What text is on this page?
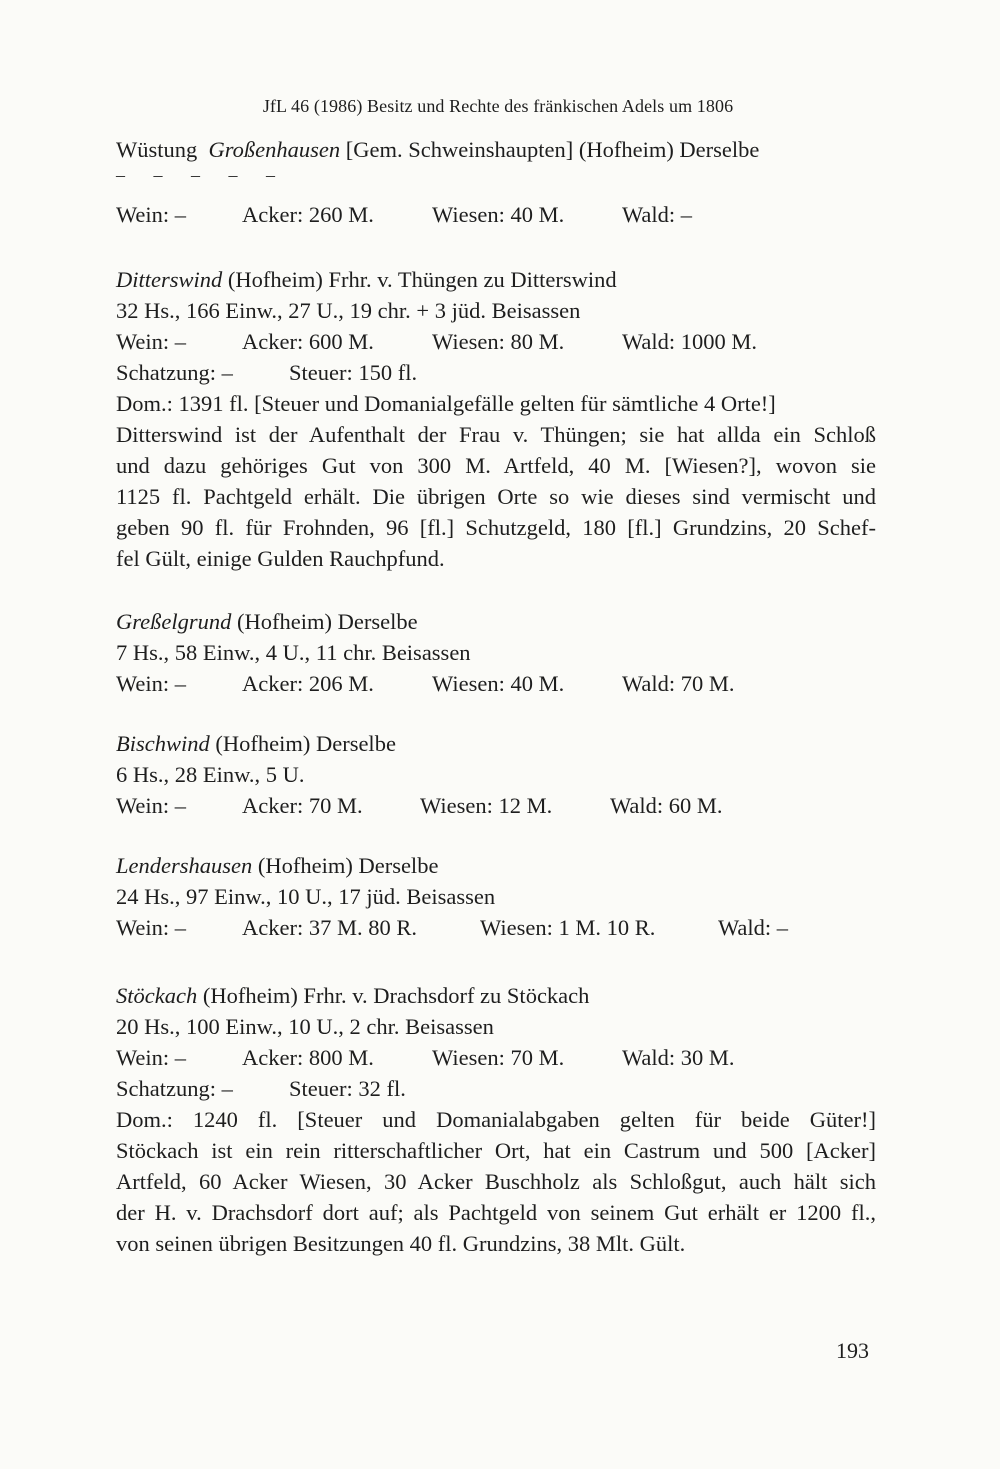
JfL 46 (1986) Besitz und Rechte des fränkischen Adels um 1806
Wüstung Großenhausen [Gem. Schweinshaupten] (Hofheim) Derselbe
– – – – –
Wein: – Acker: 260 M.	Wiesen: 40 M.	Wald: –
Ditterswind (Hofheim) Frhr. v. Thüngen zu Ditterswind
32 Hs., 166 Einw., 27 U., 19 chr. + 3 jüd. Beisassen
Wein: – Acker: 600 M.	Wiesen: 80 M.	Wald: 1000 M.
Schatzung: – Steuer: 150 fl.
Dom.: 1391 fl. [Steuer und Domanialgefälle gelten für sämtliche 4 Orte!]
Ditterswind ist der Aufenthalt der Frau v. Thüngen; sie hat allda ein Schloß
und dazu gehöriges Gut von 300 M. Artfeld, 40 M. [Wiesen?], wovon sie
1125 fl. Pachtgeld erhält. Die übrigen Orte so wie dieses sind vermischt und
geben 90 fl. für Frohnden, 96 [fl.] Schutzgeld, 180 [fl.] Grundzins, 20 Schef-
fel Gült, einige Gulden Rauchpfund.
Greßelgrund (Hofheim) Derselbe
7 Hs., 58 Einw., 4 U., 11 chr. Beisassen
Wein: – Acker: 206 M.	Wiesen: 40 M.	Wald: 70 M.
Bischwind (Hofheim) Derselbe
6 Hs., 28 Einw., 5 U.
Wein: – Acker: 70 M.	Wiesen: 12 M.	Wald: 60 M.
Lendershausen (Hofheim) Derselbe
24 Hs., 97 Einw., 10 U., 17 jüd. Beisassen
Wein: – Acker: 37 M. 80 R.	Wiesen: 1 M. 10 R.	Wald: –
Stöckach (Hofheim) Frhr. v. Drachsdorf zu Stöckach
20 Hs., 100 Einw., 10 U., 2 chr. Beisassen
Wein: – Acker: 800 M.	Wiesen: 70 M.	Wald: 30 M.
Schatzung: – Steuer: 32 fl.
Dom.: 1240 fl. [Steuer und Domanialabgaben gelten für beide Güter!]
Stöckach ist ein rein ritterschaftlicher Ort, hat ein Castrum und 500 [Acker]
Artfeld, 60 Acker Wiesen, 30 Acker Buschholz als Schloßgut, auch hält sich
der H. v. Drachsdorf dort auf; als Pachtgeld von seinem Gut erhält er 1200 fl.,
von seinen übrigen Besitzungen 40 fl. Grundzins, 38 Mlt. Gült.
193
